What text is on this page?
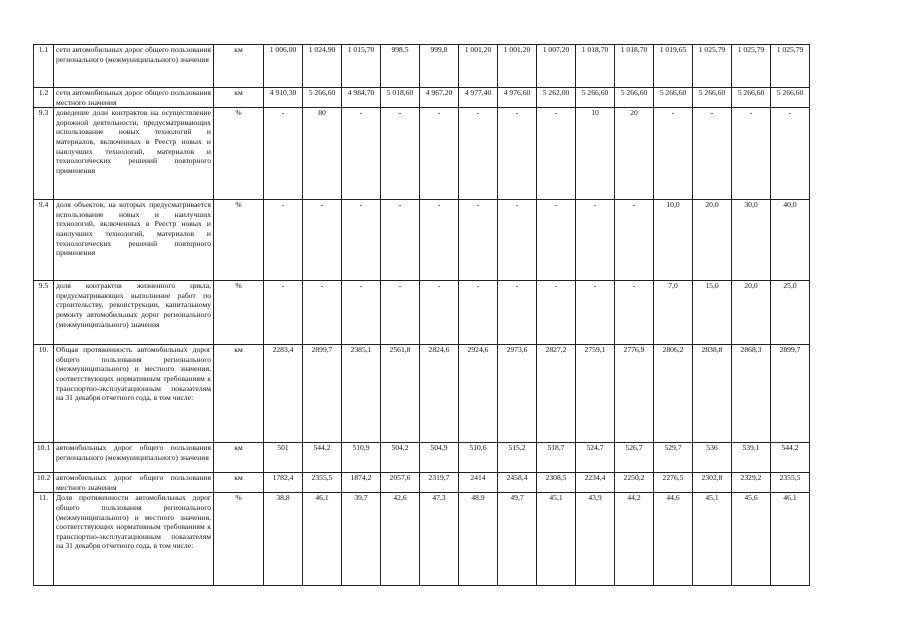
1.1	сети автомобильных дорог общего пользования регионального (межмуниципального) значения	км	1 006,00	1 024,90	1 015,70	998,5	999,8	1 001,20	1 001,20	1 007,20	1 018,70	1 018,70	1 019,65	1 025,79	1 025,79	1 025,79
1.2	сети автомобильных дорог общего пользования местного значения	км	4 910,30	5 266,60	4 984,70	5 018,60	4 967,20	4 977,40	4 976,60	5 262,00	5 266,60	5 266,60	5 266,60	5 266,60	5 266,60	5 266,60
9.3	доведение доли контрактов на осуществление дорожной деятельности, предусматривающих использование новых технологий и материалов, включенных в Реестр новых и наилучших технологий, материалов и технологических решений повторного применения	%	-	80	-	-	-	-	-	-	10	20	-	-	-	-
9.4	доля объектов, на которых предусматривается использование новых и наилучших технологий, включенных в Реестр новых и наилучших технологий, материалов и технологических решений повторного применения	%	-	-	-	-	-	-	-	-	-	-	10,0	20,0	30,0	40,0
9.5	доля контрактов жизненного цикла, предусматривающих выполнение работ по строительству, реконструкции, капитальному ремонту автомобильных дорог регионального (межмуниципального) значения	%	-	-	-	-	-	-	-	-	-	-	7,0	15,0	20,0	25,0
10.	Общая протяженность автомобильных дорог общего пользования регионального (межмуниципального) и местного значения, соответствующих нормативным требованиям к транспортно-эксплуатационным показателям на 31 декабря отчетного года, в том числе:	км	2283,4	2899,7	2385,1	2561,8	2824,6	2924,6	2973,6	2827,2	2759,1	2776,9	2806,2	2838,8	2868,3	2899,7
10.1	автомобильных дорог общего пользования регионального (межмуниципального) значения	км	501	544,2	510,9	504,2	504,9	510,6	515,2	518,7	524,7	526,7	529,7	536	539,1	544,2
10.2	автомобильных дорог общего пользования местного значения	км	1782,4	2355,5	1874,2	2057,6	2319,7	2414	2458,4	2308,5	2234,4	2250,2	2276,5	2302,8	2329,2	2355,5
11.	Доля протяженности автомобильных дорог общего пользования регионального (межмуниципального) и местного значения, соответствующих нормативным требованиям к транспортно-эксплуатационным показателям на 31 декабря отчетного года, в том числе:	%	38,8	46,1	39,7	42,6	47,3	48,9	49,7	45,1	43,9	44,2	44,6	45,1	45,6	46,1
